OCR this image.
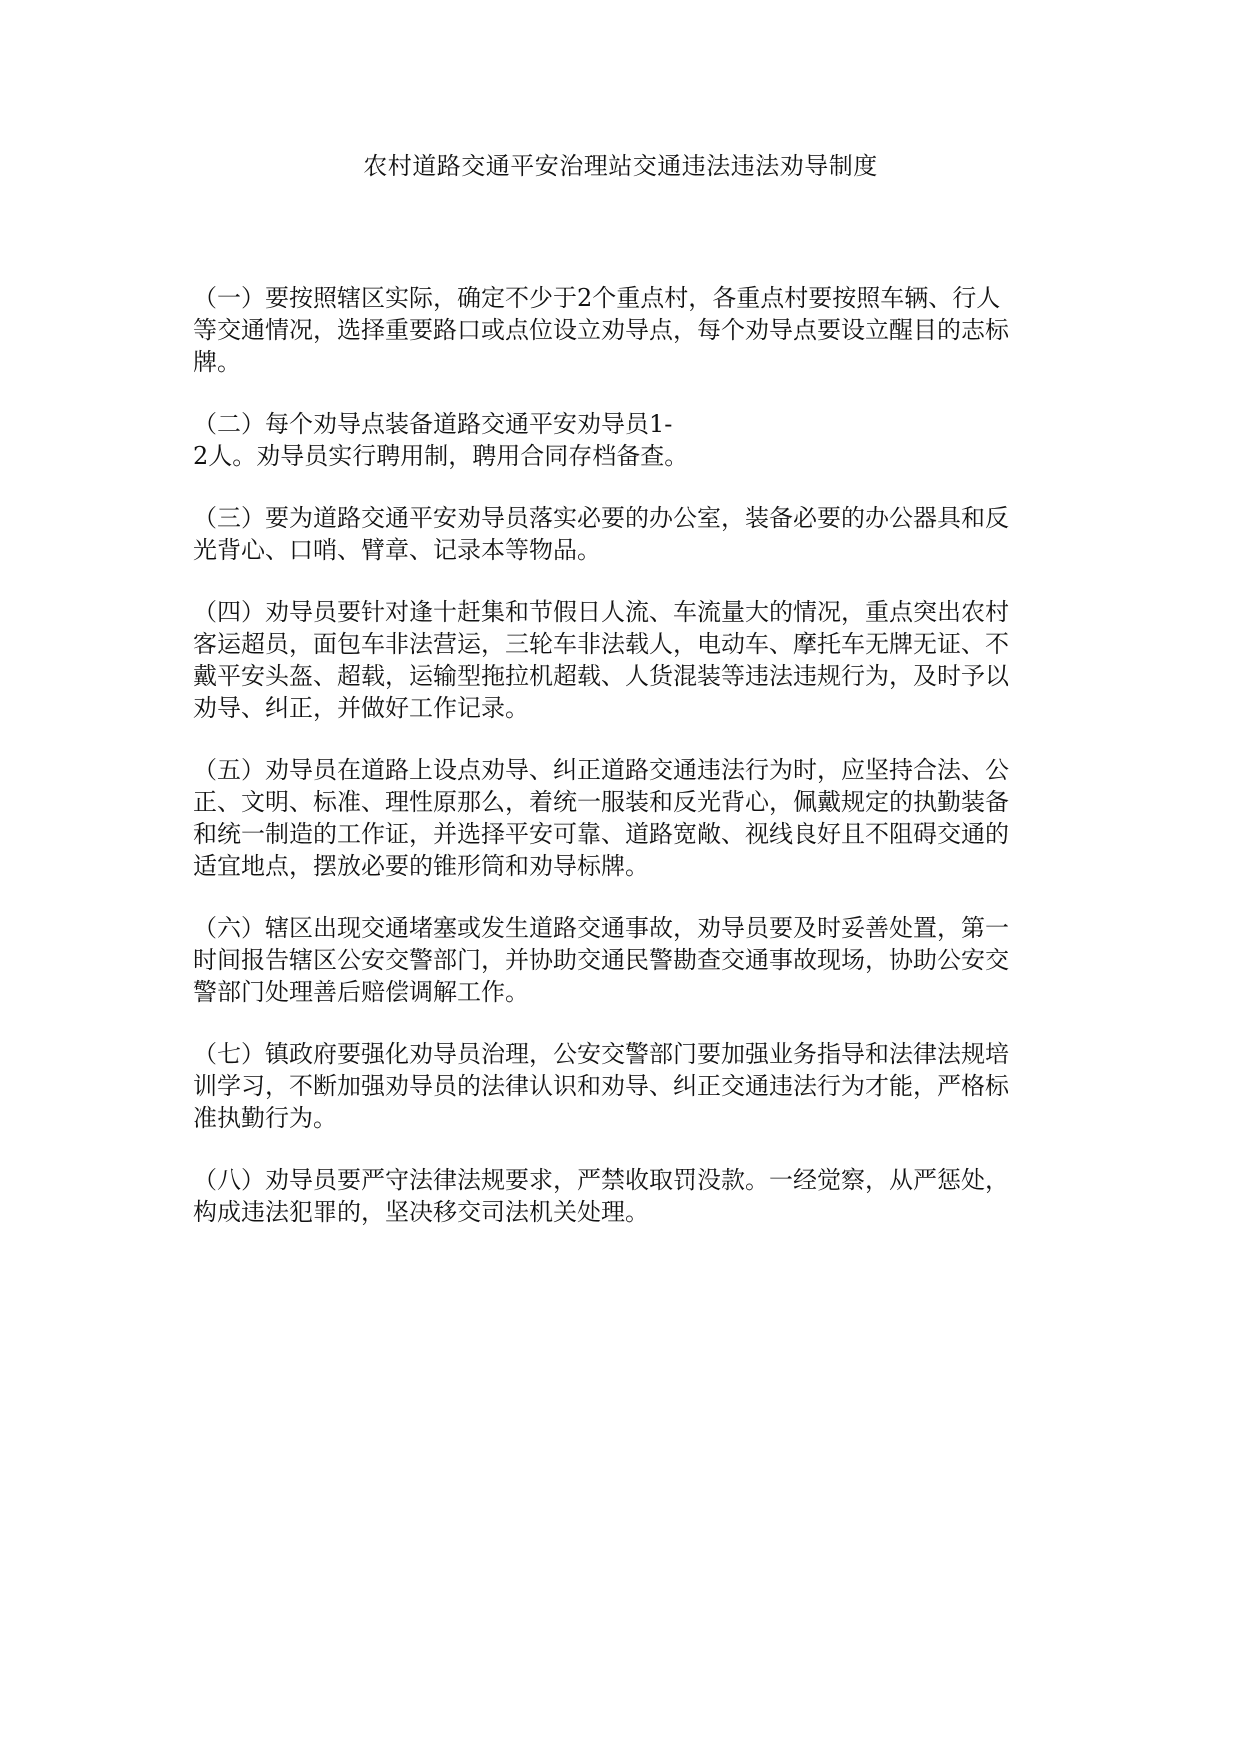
农村道路交通平安治理站交通违法违法劝导制度
（一）要按照辖区实际，确定不少于2个重点村，各重点村要按照车辆、行人
等交通情况，选择重要路口或点位设立劝导点，每个劝导点要设立醒目的志标
牌。
（二）每个劝导点装备道路交通平安劝导员1-
2人。劝导员实行聘用制，聘用合同存档备查。
（三）要为道路交通平安劝导员落实必要的办公室，装备必要的办公器具和反
光背心、口哨、臂章、记录本等物品。
（四）劝导员要针对逢十赶集和节假日人流、车流量大的情况，重点突出农村
客运超员，面包车非法营运，三轮车非法载人，电动车、摩托车无牌无证、不
戴平安头盔、超载，运输型拖拉机超载、人货混装等违法违规行为，及时予以
劝导、纠正，并做好工作记录。
（五）劝导员在道路上设点劝导、纠正道路交通违法行为时，应坚持合法、公
正、文明、标准、理性原那么，着统一服装和反光背心，佩戴规定的执勤装备
和统一制造的工作证，并选择平安可靠、道路宽敞、视线良好且不阻碍交通的
适宜地点，摆放必要的锥形筒和劝导标牌。
（六）辖区出现交通堵塞或发生道路交通事故，劝导员要及时妥善处置，第一
时间报告辖区公安交警部门，并协助交通民警勘查交通事故现场，协助公安交
警部门处理善后赔偿调解工作。
（七）镇政府要强化劝导员治理，公安交警部门要加强业务指导和法律法规培
训学习，不断加强劝导员的法律认识和劝导、纠正交通违法行为才能，严格标
准执勤行为。
（八）劝导员要严守法律法规要求，严禁收取罚没款。一经觉察，从严惩处，
构成违法犯罪的，坚决移交司法机关处理。
